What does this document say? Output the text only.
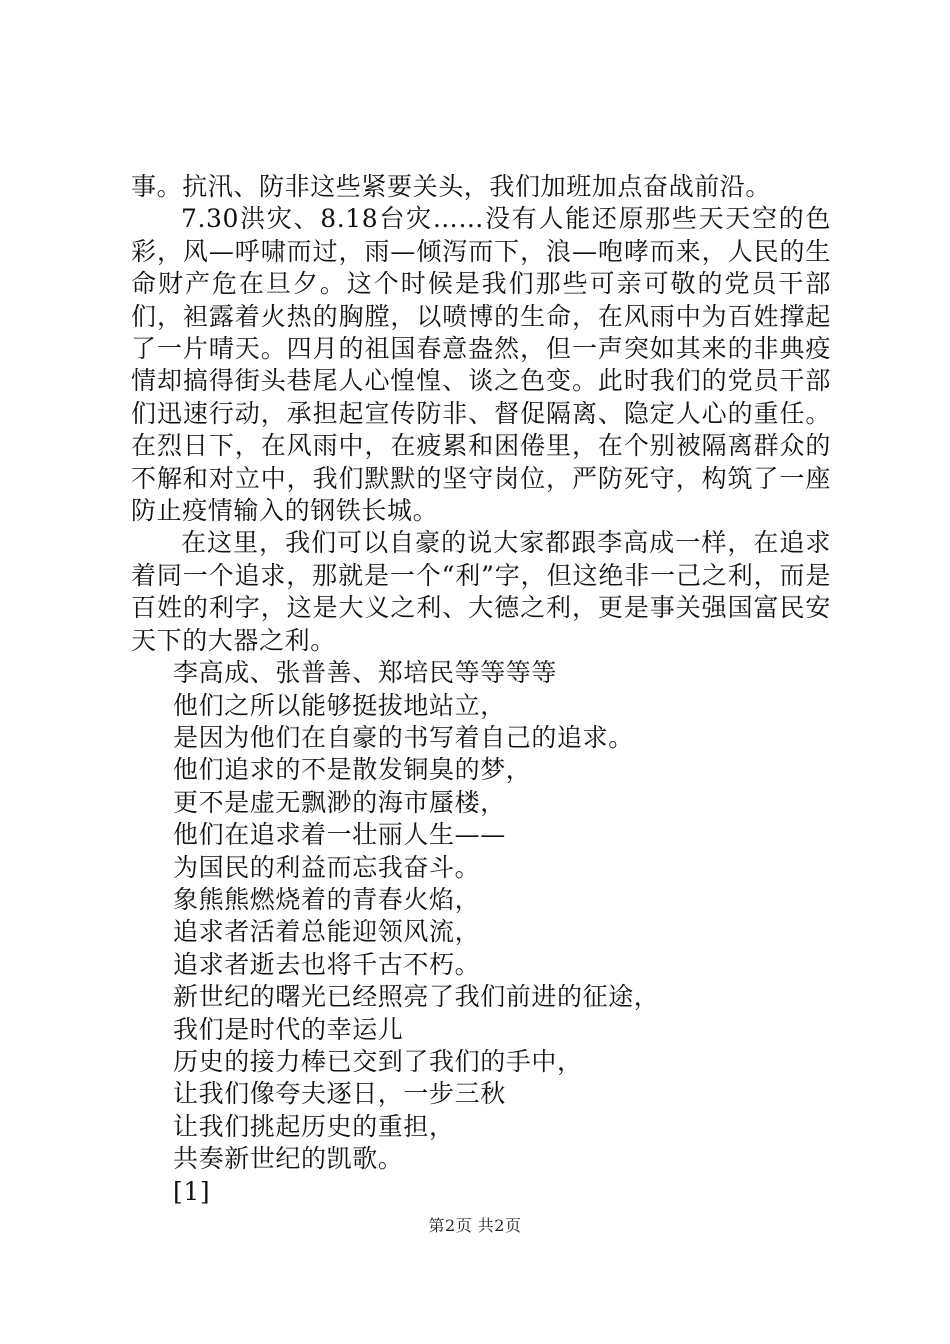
事。抗汛、防非这些紧要关头，我们加班加点奋战前沿。

7.30洪灾、8.18台灾……没有人能还原那些天天空的色彩，风—呼啸而过，雨—倾泻而下，浪—咆哮而来，人民的生命财产危在旦夕。这个时候是我们那些可亲可敬的党员干部们，袒露着火热的胸膛，以喷博的生命，在风雨中为百姓撑起了一片晴天。四月的祖国春意盎然，但一声突如其来的非典疫情却搞得街头巷尾人心惶惶、谈之色变。此时我们的党员干部们迅速行动，承担起宣传防非、督促隔离、隐定人心的重任。在烈日下，在风雨中，在疲累和困倦里，在个别被隔离群众的不解和对立中，我们默默的坚守岗位，严防死守，构筑了一座防止疫情输入的钢铁长城。

在这里，我们可以自豪的说大家都跟李高成一样，在追求着同一个追求，那就是一个“利”字，但这绝非一己之利，而是百姓的利字，这是大义之利、大德之利，更是事关强国富民安天下的大器之利。

李高成、张普善、郑培民等等等等

他们之所以能够挺拔地站立，

是因为他们在自豪的书写着自己的追求。

他们追求的不是散发铜臭的梦，

更不是虚无飘渺的海市蜃楼，

他们在追求着一壮丽人生——

为国民的利益而忘我奋斗。

象熊熊燃烧着的青春火焰，

追求者活着总能迎领风流，

追求者逝去也将千古不朽。

新世纪的曙光已经照亮了我们前进的征途，

我们是时代的幸运儿

历史的接力棒已交到了我们的手中，

让我们像夸夫逐日，一步三秋

让我们挑起历史的重担，

共奏新世纪的凯歌。

[1]

第2页 共2页
